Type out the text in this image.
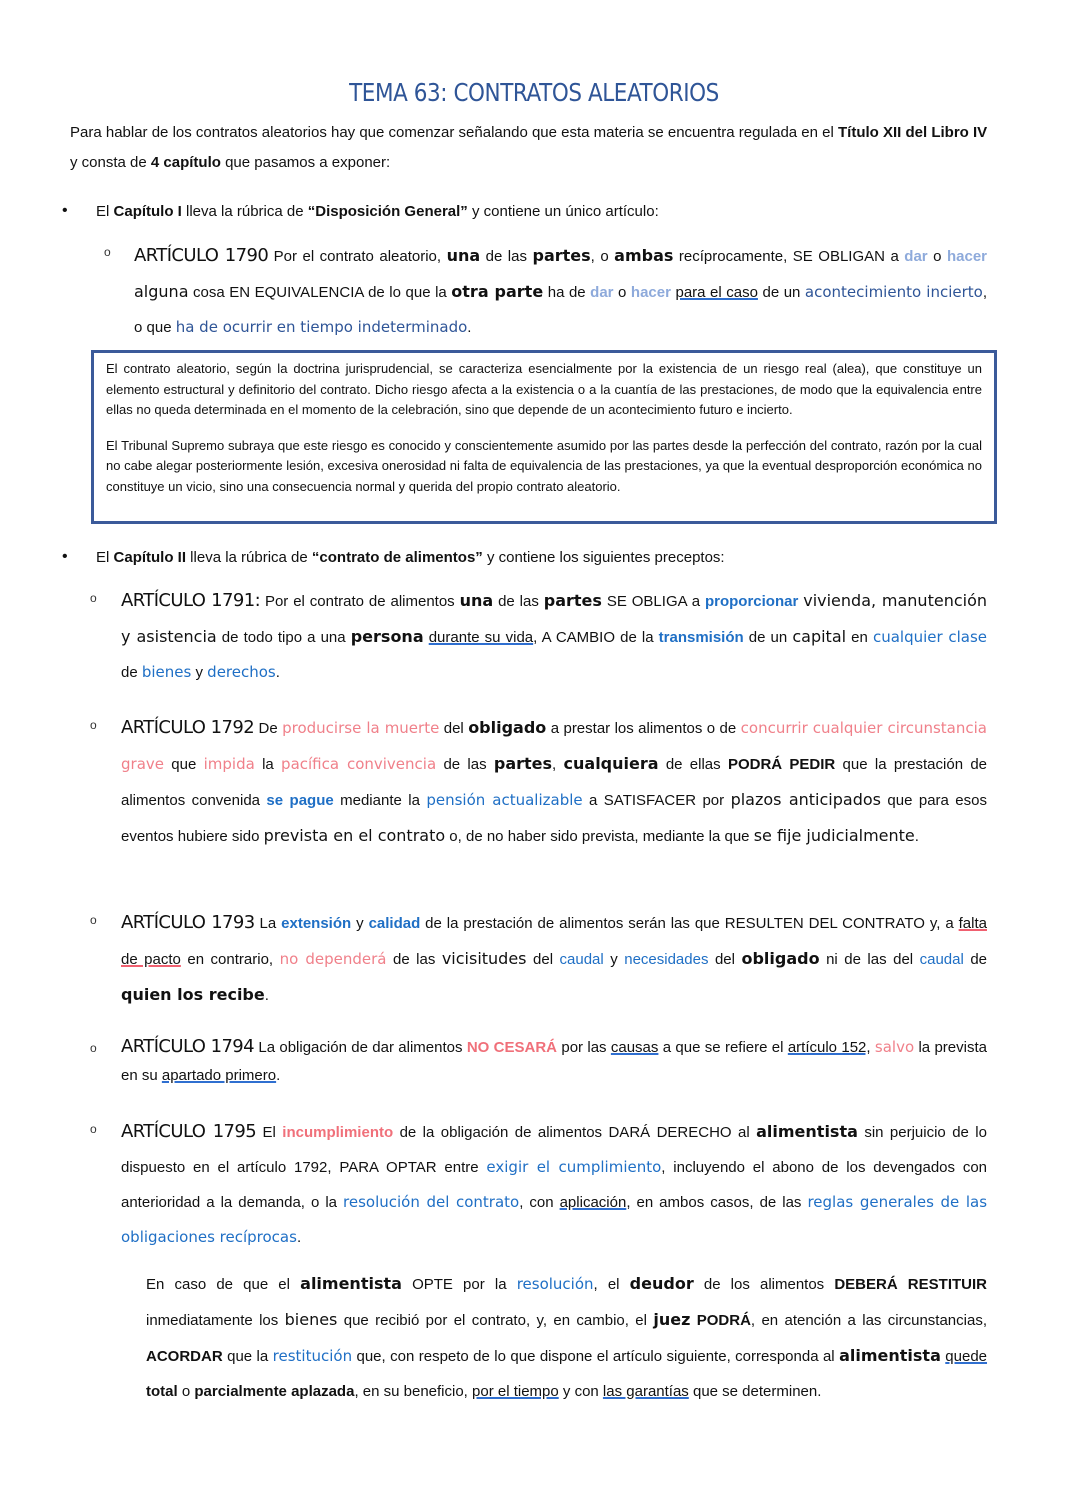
TEMA 63: CONTRATOS ALEATORIOS
Para hablar de los contratos aleatorios hay que comenzar señalando que esta materia se encuentra regulada en el Título XII del Libro IV y consta de 4 capítulo que pasamos a exponer:
• El Capítulo I lleva la rúbrica de “Disposición General” y contiene un único artículo:
o ARTÍCULO 1790 Por el contrato aleatorio, una de las partes, o ambas recíprocamente, SE OBLIGAN a dar o hacer alguna cosa EN EQUIVALENCIA de lo que la otra parte ha de dar o hacer para el caso de un acontecimiento incierto, o que ha de ocurrir en tiempo indeterminado.

El contrato aleatorio, según la doctrina jurisprudencial, se caracteriza esencialmente por la existencia de un riesgo real (alea), que constituye un elemento estructural y definitorio del contrato. Dicho riesgo afecta a la existencia o a la cuantía de las prestaciones, de modo que la equivalencia entre ellas no queda determinada en el momento de la celebración, sino que depende de un acontecimiento futuro e incierto.

El Tribunal Supremo subraya que este riesgo es conocido y conscientemente asumido por las partes desde la perfección del contrato, razón por la cual no cabe alegar posteriormente lesión, excesiva onerosidad ni falta de equivalencia de las prestaciones, ya que la eventual desproporción económica no constituye un vicio, sino una consecuencia normal y querida del propio contrato aleatorio.

• El Capítulo II lleva la rúbrica de “contrato de alimentos” y contiene los siguientes preceptos:
o ARTÍCULO 1791: Por el contrato de alimentos una de las partes SE OBLIGA a proporcionar vivienda, manutención y asistencia de todo tipo a una persona durante su vida, A CAMBIO de la transmisión de un capital en cualquier clase de bienes y derechos.
o ARTÍCULO 1792 De producirse la muerte del obligado a prestar los alimentos o de concurrir cualquier circunstancia grave que impida la pacífica convivencia de las partes, cualquiera de ellas PODRÁ PEDIR que la prestación de alimentos convenida se pague mediante la pensión actualizable a SATISFACER por plazos anticipados que para esos eventos hubiere sido prevista en el contrato o, de no haber sido prevista, mediante la que se fije judicialmente.
o ARTÍCULO 1793 La extensión y calidad de la prestación de alimentos serán las que RESULTEN DEL CONTRATO y, a falta de pacto en contrario, no dependerá de las vicisitudes del caudal y necesidades del obligado ni de las del caudal de quien los recibe.
o ARTÍCULO 1794 La obligación de dar alimentos NO CESARÁ por las causas a que se refiere el artículo 152, salvo la prevista en su apartado primero.
o ARTÍCULO 1795 El incumplimiento de la obligación de alimentos DARÁ DERECHO al alimentista sin perjuicio de lo dispuesto en el artículo 1792, PARA OPTAR entre exigir el cumplimiento, incluyendo el abono de los devengados con anterioridad a la demanda, o la resolución del contrato, con aplicación, en ambos casos, de las reglas generales de las obligaciones recíprocas.
En caso de que el alimentista OPTE por la resolución, el deudor de los alimentos DEBERÁ RESTITUIR inmediatamente los bienes que recibió por el contrato, y, en cambio, el juez PODRÁ, en atención a las circunstancias, ACORDAR que la restitución que, con respeto de lo que dispone el artículo siguiente, corresponda al alimentista quede total o parcialmente aplazada, en su beneficio, por el tiempo y con las garantías que se determinen.
